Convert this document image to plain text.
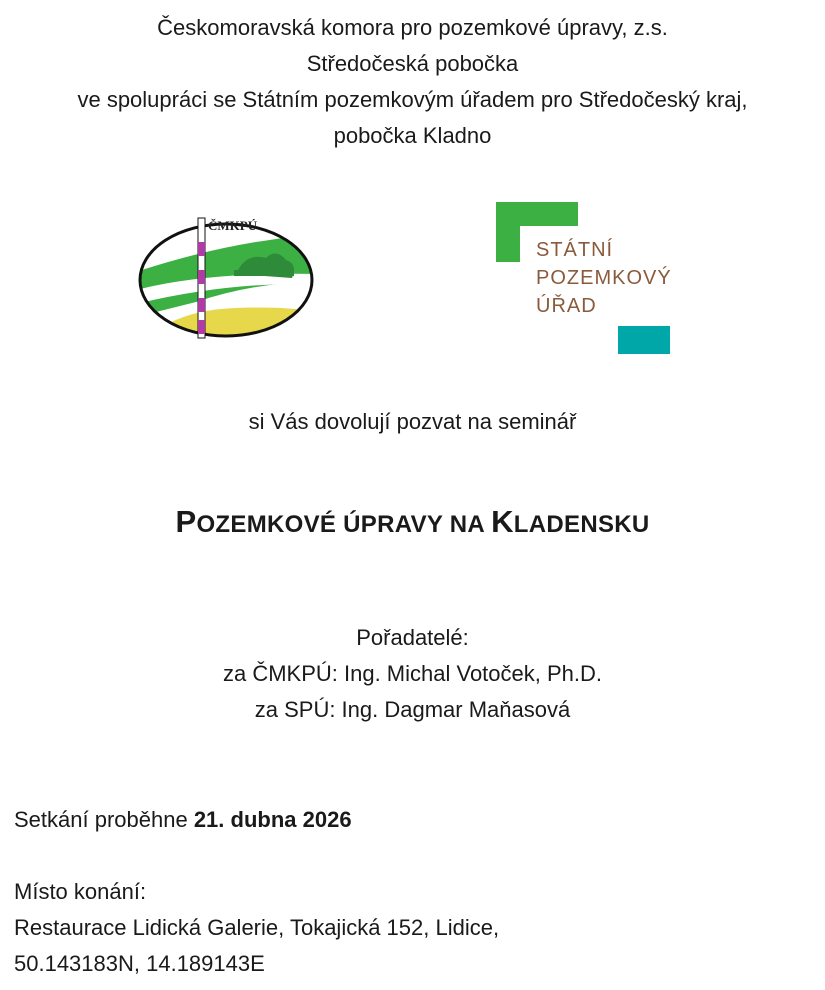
Českomoravská komora pro pozemkové úpravy, z.s.
Středočeská pobočka
ve spolupráci se Státním pozemkovým úřadem pro Středočeský kraj,
pobočka Kladno
ČMKPÚ
STÁTNÍ
POZEMKOVÝ
ÚŘAD
si Vás dovolují pozvat na seminář
POZEMKOVÉ ÚPRAVY NA KLADENSKU
Pořadatelé:
za ČMKPÚ: Ing. Michal Votoček, Ph.D.
za SPÚ: Ing. Dagmar Maňasová
Setkání proběhne 21. dubna 2026
Místo konání:
Restaurace Lidická Galerie, Tokajická 152, Lidice,
50.143183N, 14.189143E
